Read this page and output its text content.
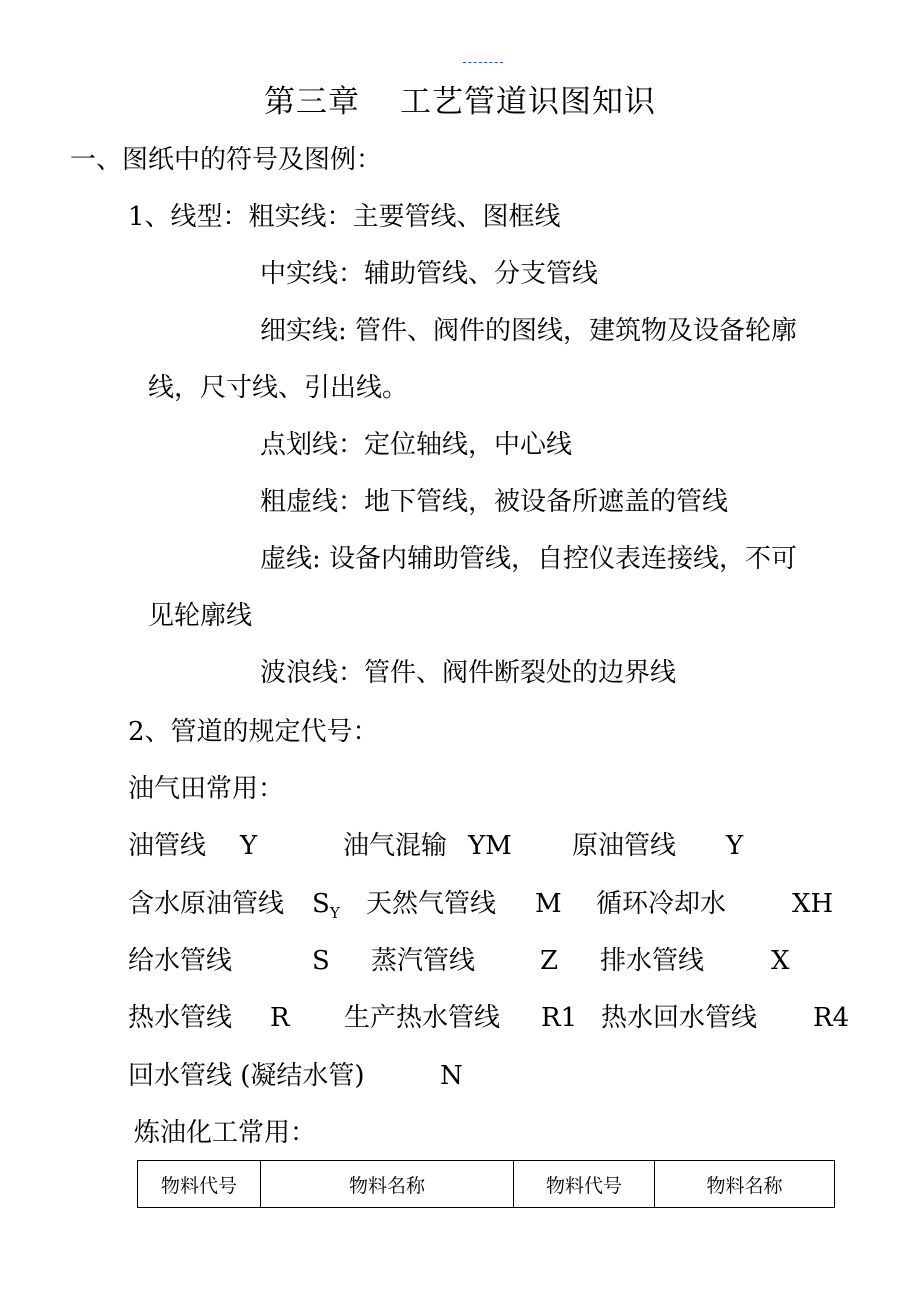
第三章 工艺管道识图知识
一、图纸中的符号及图例：
1、线型：粗实线：主要管线、图框线
中实线：辅助管线、分支管线
细实线: 管件、阀件的图线，建筑物及设备轮廓
线，尺寸线、引出线。
点划线：定位轴线，中心线
粗虚线：地下管线，被设备所遮盖的管线
虚线: 设备内辅助管线，自控仪表连接线，不可
见轮廓线
波浪线：管件、阀件断裂处的边界线
2、管道的规定代号：
油气田常用：
油管线 Y	油气混输 YM 原油管线 Y
含水原油管线 $S_Y$ 天然气管线 M 循环冷却水	XH
给水管线	S 蒸汽管线 Z 排水管线	X
热水管线 R 生产热水管线 R1 热水回水管线 R4
回水管线 (凝结水管)	N
炼油化工常用：
物料代号	物料名称	物料代号	物料名称
